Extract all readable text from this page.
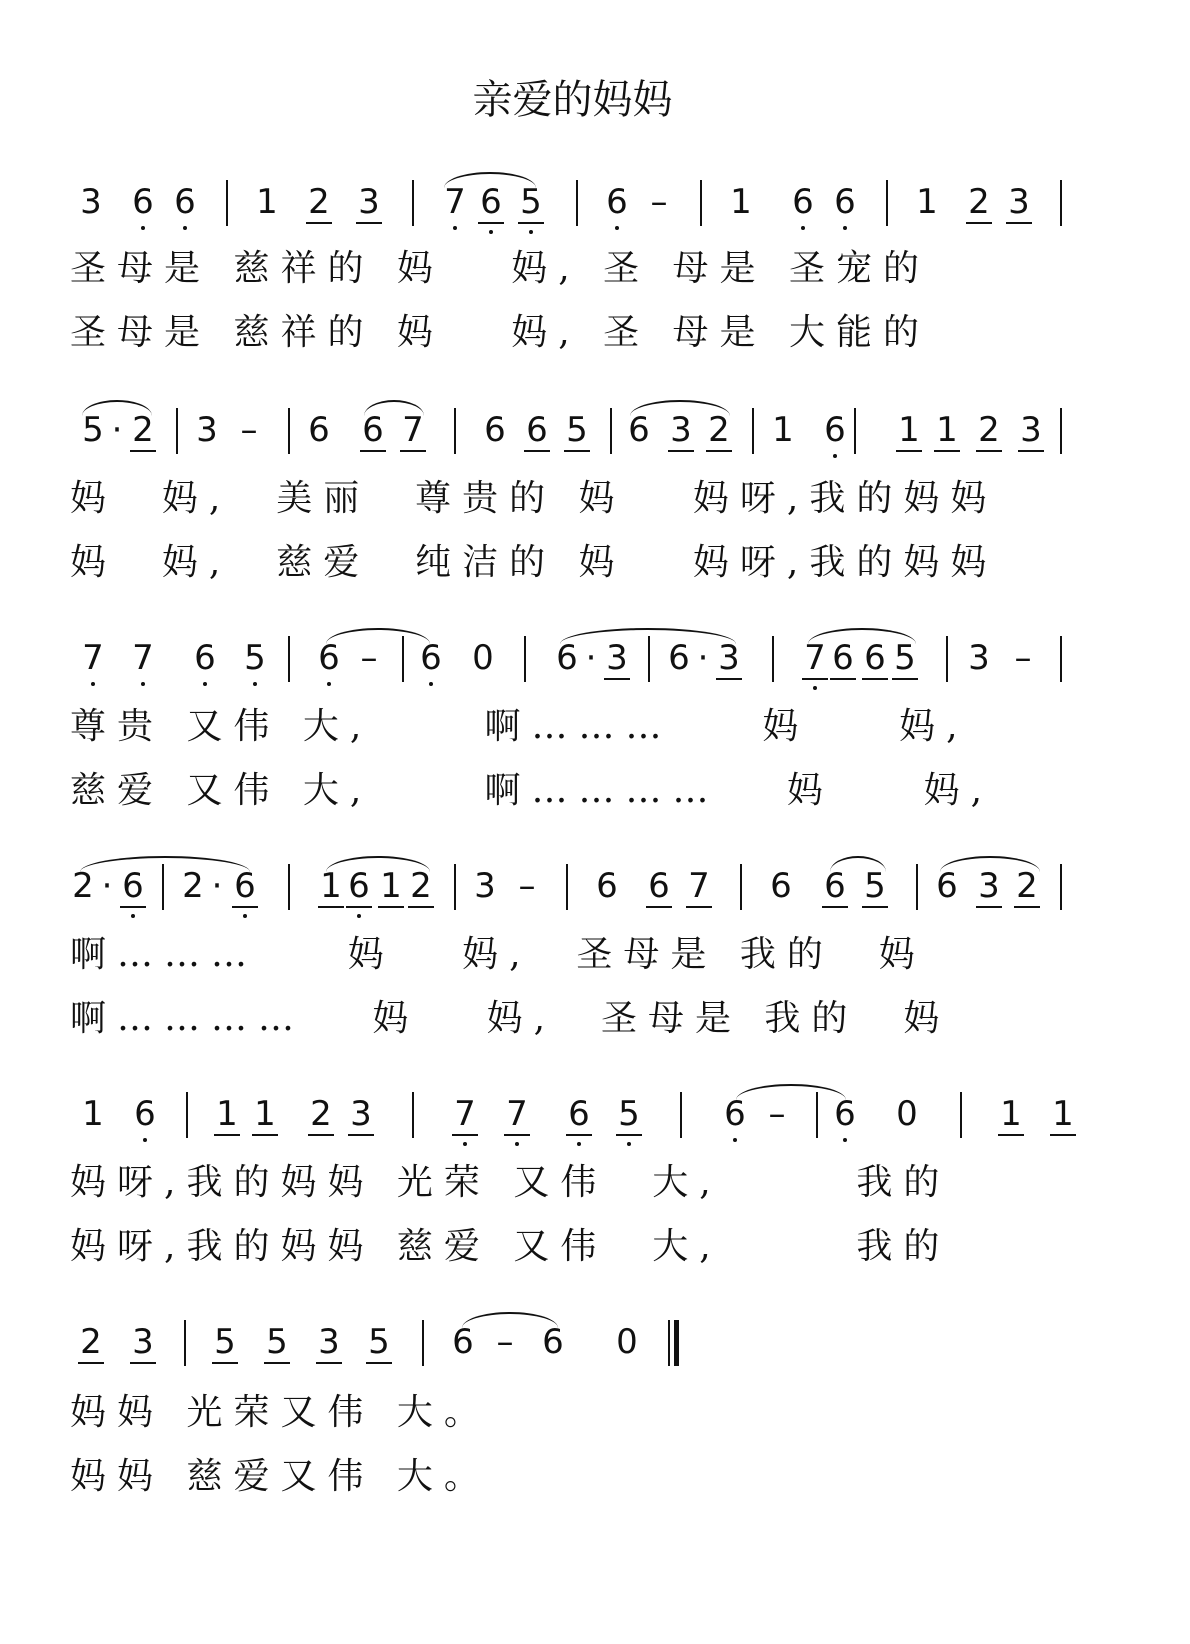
亲爱的妈妈
3 6 6 1 2 3 7 6 5 6 – 1 6 6 1 2 3
圣母是 慈祥的 妈   妈, 圣 母是 圣宠的
圣母是 慈祥的 妈   妈, 圣 母是 大能的
5 · 2 3 – 6 6 7 6 6 5 6 3 2 1 6 1 1 2 3
妈  妈,  美丽  尊贵的 妈   妈呀,我的妈妈
妈  妈,  慈爱  纯洁的 妈   妈呀,我的妈妈
7 7 6 5 6 – 6 0 6 · 3 6 · 3 7 6 6 5 3 –
尊贵 又伟 大,     啊………    妈    妈,
慈爱 又伟 大,     啊…………   妈    妈,
2 · 6 2 · 6 1 6 1 2 3 – 6 6 7 6 6 5 6 3 2
啊………    妈   妈,  圣母是 我的  妈
啊…………   妈   妈,  圣母是 我的  妈
1 6 1 1 2 3 7 7 6 5 6 – 6 0 1 1
妈呀,我的妈妈 光荣 又伟  大,      我的
妈呀,我的妈妈 慈爱 又伟  大,      我的
2 3 5 5 3 5 6 – 6 0
妈妈 光荣又伟 大。
妈妈 慈爱又伟 大。
